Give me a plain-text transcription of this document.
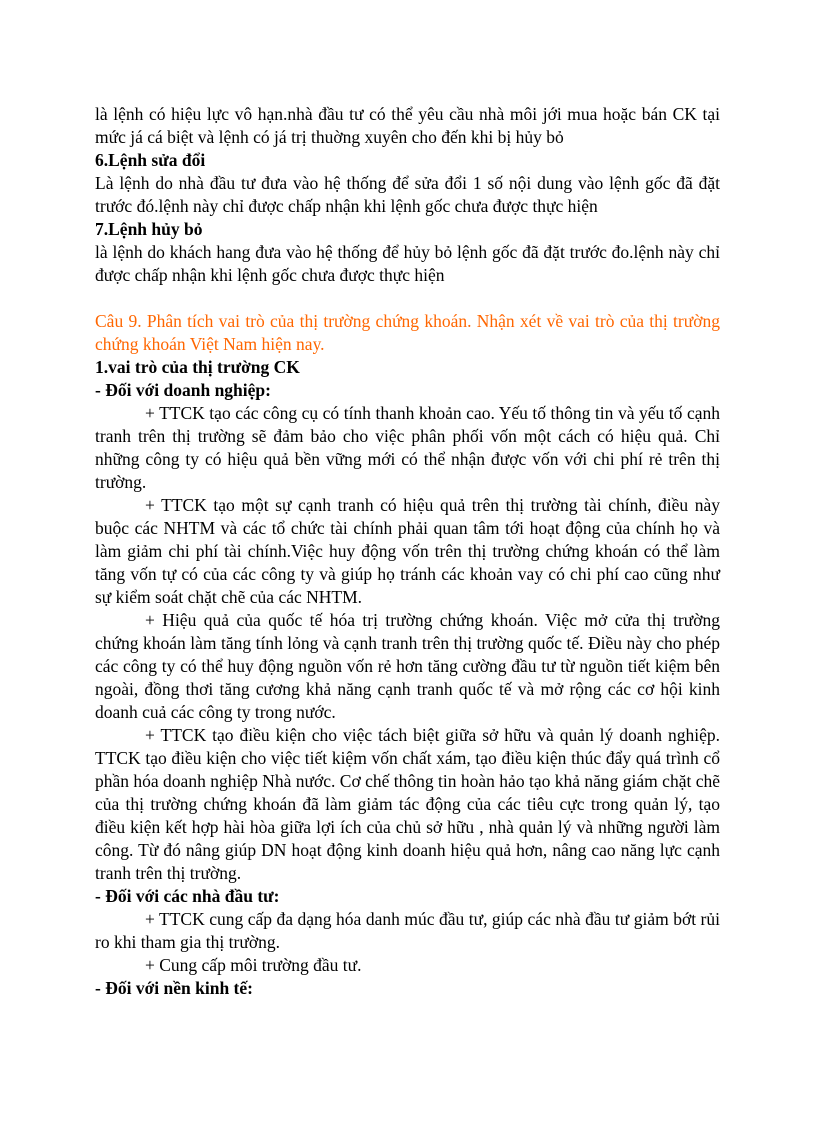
là lệnh có hiệu lực vô hạn.nhà đầu tư có thể yêu cầu nhà môi jới mua hoặc bán CK tại mức já cá biệt và lệnh có já trị thuờng xuyên cho đến khi bị hủy bỏ

6.Lệnh sửa đổi

Là lệnh do nhà đầu tư đưa vào hệ thống để sửa đổi 1 số nội dung vào lệnh gốc đã đặt trước đó.lệnh này chỉ được chấp nhận khi lệnh gốc chưa được thực hiện

7.Lệnh hủy bỏ

là lệnh do khách hang đưa vào hệ thống để hủy bỏ lệnh gốc đã đặt trước đo.lệnh này chỉ được chấp nhận khi lệnh gốc chưa được thực hiện

Câu 9. Phân tích vai trò của thị trường chứng khoán. Nhận xét về vai trò của thị trường chứng khoán Việt Nam hiện nay.

1.vai trò của thị trường CK

- Đối với doanh nghiệp:

+ TTCK tạo các công cụ có tính thanh khoản cao. Yếu tố thông tin và yếu tố cạnh tranh trên thị trường sẽ đảm bảo cho việc phân phối vốn một cách có hiệu quả. Chỉ những công ty có hiệu quả bền vững mới có thể nhận được vốn với chi phí rẻ trên thị trường.

+ TTCK tạo một sự cạnh tranh có hiệu quả trên thị trường tài chính, điều này buộc các NHTM và các tổ chức tài chính phải quan tâm tới hoạt động của chính họ và làm giảm chi phí tài chính.Việc huy động vốn trên thị trường chứng khoán có thể làm tăng vốn tự có của các công ty và giúp họ tránh các khoản vay có chi phí cao cũng như sự kiểm soát chặt chẽ của các NHTM.

+ Hiệu quả của quốc tế hóa trị trường chứng khoán. Việc mở cửa thị trường chứng khoán làm tăng tính lỏng và cạnh tranh trên thị trường quốc tế. Điều này cho phép các công ty có thể huy động nguồn vốn rẻ hơn tăng cường đầu tư từ nguồn tiết kiệm bên ngoài, đồng thơi tăng cương khả năng cạnh tranh quốc tế và mở rộng các cơ hội kinh doanh cuả các công ty trong nước.

+ TTCK tạo điều kiện cho việc tách biệt giữa sở hữu và quản lý doanh nghiệp. TTCK tạo điều kiện cho việc tiết kiệm vốn chất xám, tạo điều kiện thúc đẩy quá trình cổ phần hóa doanh nghiệp Nhà nước. Cơ chế thông tin hoàn hảo tạo khả năng giám chặt chẽ của thị trường chứng khoán đã làm giảm tác động của các tiêu cực trong quản lý, tạo điều kiện kết hợp hài hòa giữa lợi ích của chủ sở hữu , nhà quản lý và những người làm công. Từ đó nâng giúp DN hoạt động kinh doanh hiệu quả hơn, nâng cao năng lực cạnh tranh trên thị trường.

- Đối với các nhà đầu tư:

+ TTCK cung cấp đa dạng hóa danh múc đầu tư, giúp các nhà đầu tư giảm bớt rủi ro khi tham gia thị trường.

+ Cung cấp môi trường đầu tư.

- Đối với nền kinh tế:
